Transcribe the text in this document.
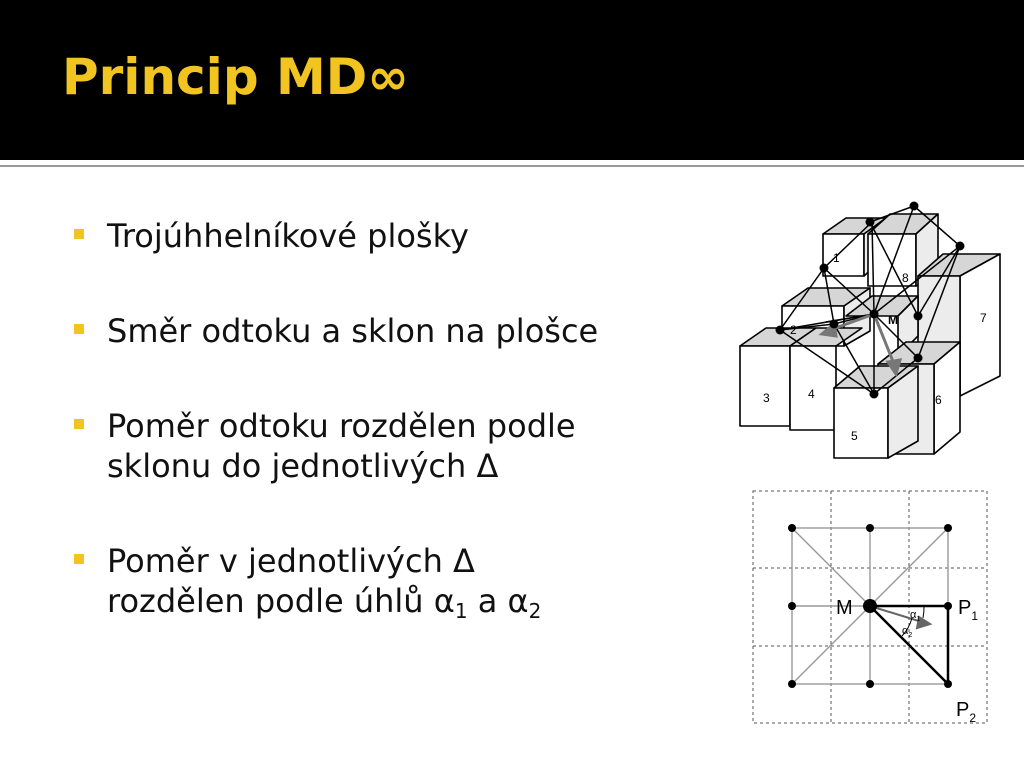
Princip MD∞
Trojúhhelníkové plošky
Směr odtoku a sklon na plošce
Poměr odtoku rozdělen podle
sklonu do jednotlivých Δ
Poměr v jednotlivých Δ
rozdělen podle úhlů $\alpha_1$ a $\alpha_2$
1
2
3	4
5
6
7
8
M
M	$P_1$
$P_2$
$\alpha_1$
$\alpha_2$
